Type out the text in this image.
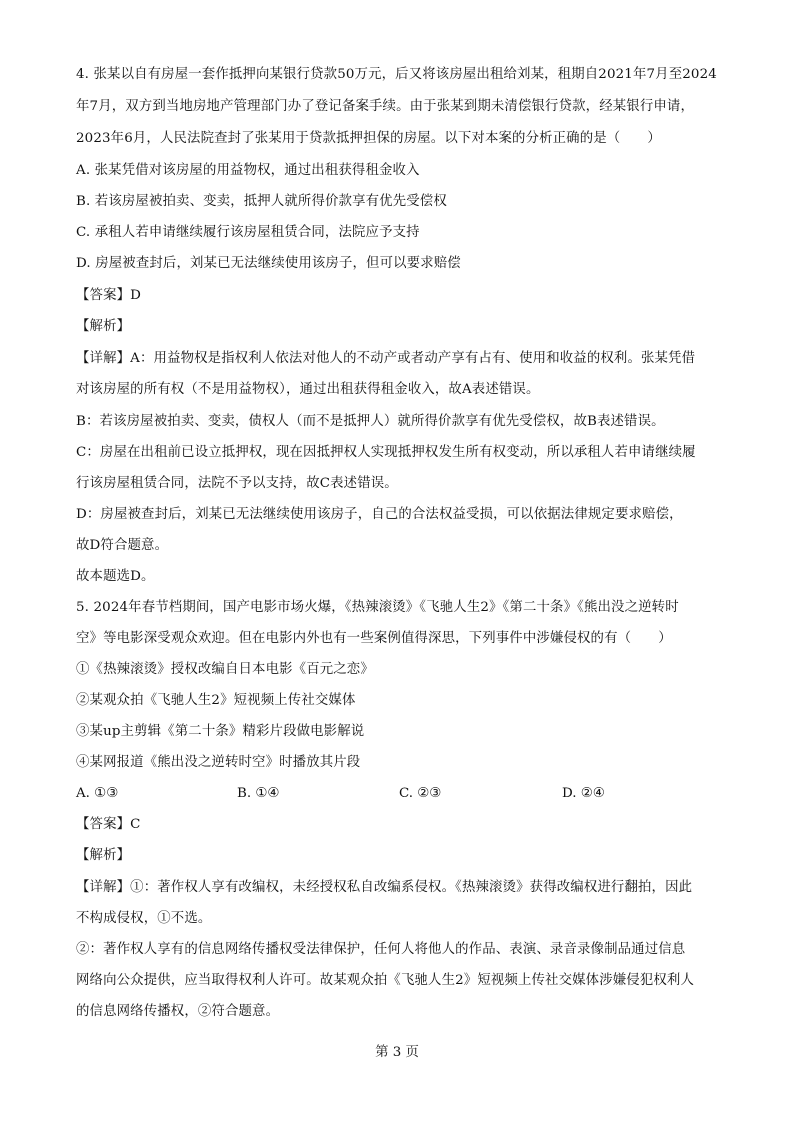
4. 张某以自有房屋一套作抵押向某银行贷款50万元，后又将该房屋出租给刘某，租期自2021年7月至2024
年7月，双方到当地房地产管理部门办了登记备案手续。由于张某到期未清偿银行贷款，经某银行申请，
2023年6月，人民法院查封了张某用于贷款抵押担保的房屋。以下对本案的分析正确的是（　　）
A. 张某凭借对该房屋的用益物权，通过出租获得租金收入
B. 若该房屋被拍卖、变卖，抵押人就所得价款享有优先受偿权
C. 承租人若申请继续履行该房屋租赁合同，法院应予支持
D. 房屋被查封后，刘某已无法继续使用该房子，但可以要求赔偿
【答案】D
【解析】
【详解】A：用益物权是指权利人依法对他人的不动产或者动产享有占有、使用和收益的权利。张某凭借
对该房屋的所有权（不是用益物权），通过出租获得租金收入，故A表述错误。
B：若该房屋被拍卖、变卖，债权人（而不是抵押人）就所得价款享有优先受偿权，故B表述错误。
C：房屋在出租前已设立抵押权，现在因抵押权人实现抵押权发生所有权变动，所以承租人若申请继续履
行该房屋租赁合同，法院不予以支持，故C表述错误。
D：房屋被查封后，刘某已无法继续使用该房子，自己的合法权益受损，可以依据法律规定要求赔偿，
故D符合题意。
故本题选D。
5. 2024年春节档期间，国产电影市场火爆，《热辣滚烫》《飞驰人生2》《第二十条》《熊出没之逆转时
空》等电影深受观众欢迎。但在电影内外也有一些案例值得深思，下列事件中涉嫌侵权的有（　　）
①《热辣滚烫》授权改编自日本电影《百元之恋》
②某观众拍《飞驰人生2》短视频上传社交媒体
③某up主剪辑《第二十条》精彩片段做电影解说
④某网报道《熊出没之逆转时空》时播放其片段
A. ①③	B. ①④	C. ②③	D. ②④
【答案】C
【解析】
【详解】①：著作权人享有改编权，未经授权私自改编系侵权。《热辣滚烫》获得改编权进行翻拍，因此
不构成侵权，①不选。
②：著作权人享有的信息网络传播权受法律保护，任何人将他人的作品、表演、录音录像制品通过信息
网络向公众提供，应当取得权利人许可。故某观众拍《飞驰人生2》短视频上传社交媒体涉嫌侵犯权利人
的信息网络传播权，②符合题意。
第 3 页
